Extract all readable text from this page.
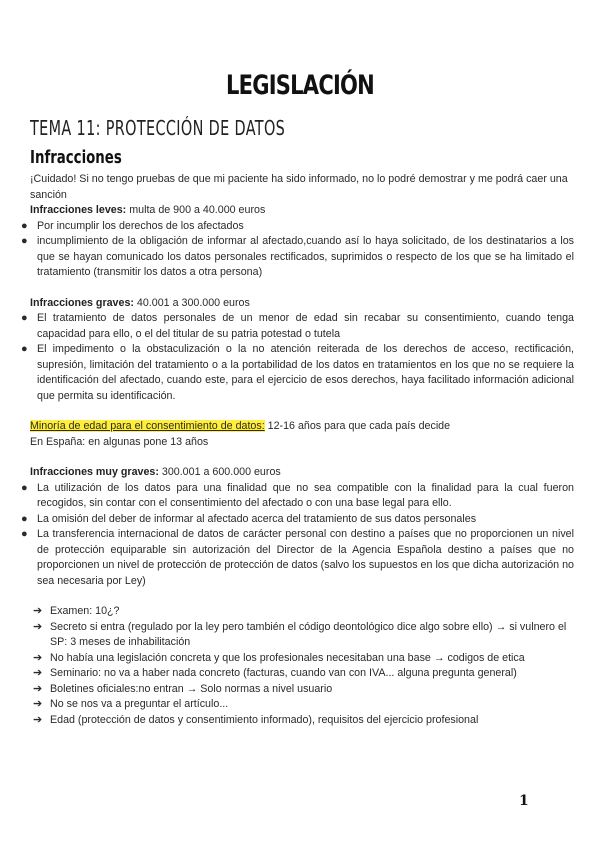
LEGISLACIÓN
TEMA 11: PROTECCIÓN DE DATOS
Infracciones

¡Cuidado! Si no tengo pruebas de que mi paciente ha sido informado, no lo podré demostrar y me podrá caer una sanción

Infracciones leves: multa de 900 a 40.000 euros

● Por incumplir los derechos de los afectados
● incumplimiento de la obligación de informar al afectado,cuando así lo haya solicitado, de los destinatarios a los que se hayan comunicado los datos personales rectificados, suprimidos o respecto de los que se ha limitado el tratamiento (transmitir los datos a otra persona)

Infracciones graves: 40.001 a 300.000 euros

● El tratamiento de datos personales de un menor de edad sin recabar su consentimiento, cuando tenga capacidad para ello, o el del titular de su patria potestad o tutela
● El impedimento o la obstaculización o la no atención reiterada de los derechos de acceso, rectificación, supresión, limitación del tratamiento o a la portabilidad de los datos en tratamientos en los que no se requiere la identificación del afectado, cuando este, para el ejercicio de esos derechos, haya facilitado información adicional que permita su identificación.

Minoría de edad para el consentimiento de datos: 12-16 años para que cada país decide

En España: en algunas pone 13 años

Infracciones muy graves: 300.001 a 600.000 euros

● La utilización de los datos para una finalidad que no sea compatible con la finalidad para la cual fueron recogidos, sin contar con el consentimiento del afectado o con una base legal para ello.
● La omisión del deber de informar al afectado acerca del tratamiento de sus datos personales
● La transferencia internacional de datos de carácter personal con destino a países que no proporcionen un nivel de protección equiparable sin autorización del Director de la Agencia Española destino a países que no proporcionen un nivel de protección de protección de datos (salvo los supuestos en los que dicha autorización no sea necesaria por Ley)
➔ Examen: 10¿?
➔ Secreto si entra (regulado por la ley pero también el código deontológico dice algo sobre ello) → si vulnero el SP: 3 meses de inhabilitación
➔ No había una legislación concreta y que los profesionales necesitaban una base → codigos de etica
➔ Seminario: no va a haber nada concreto (facturas, cuando van con IVA... alguna pregunta general)
➔ Boletines oficiales:no entran → Solo normas a nivel usuario
➔ No se nos va a preguntar el artículo...
➔ Edad (protección de datos y consentimiento informado), requisitos del ejercicio profesional
1
